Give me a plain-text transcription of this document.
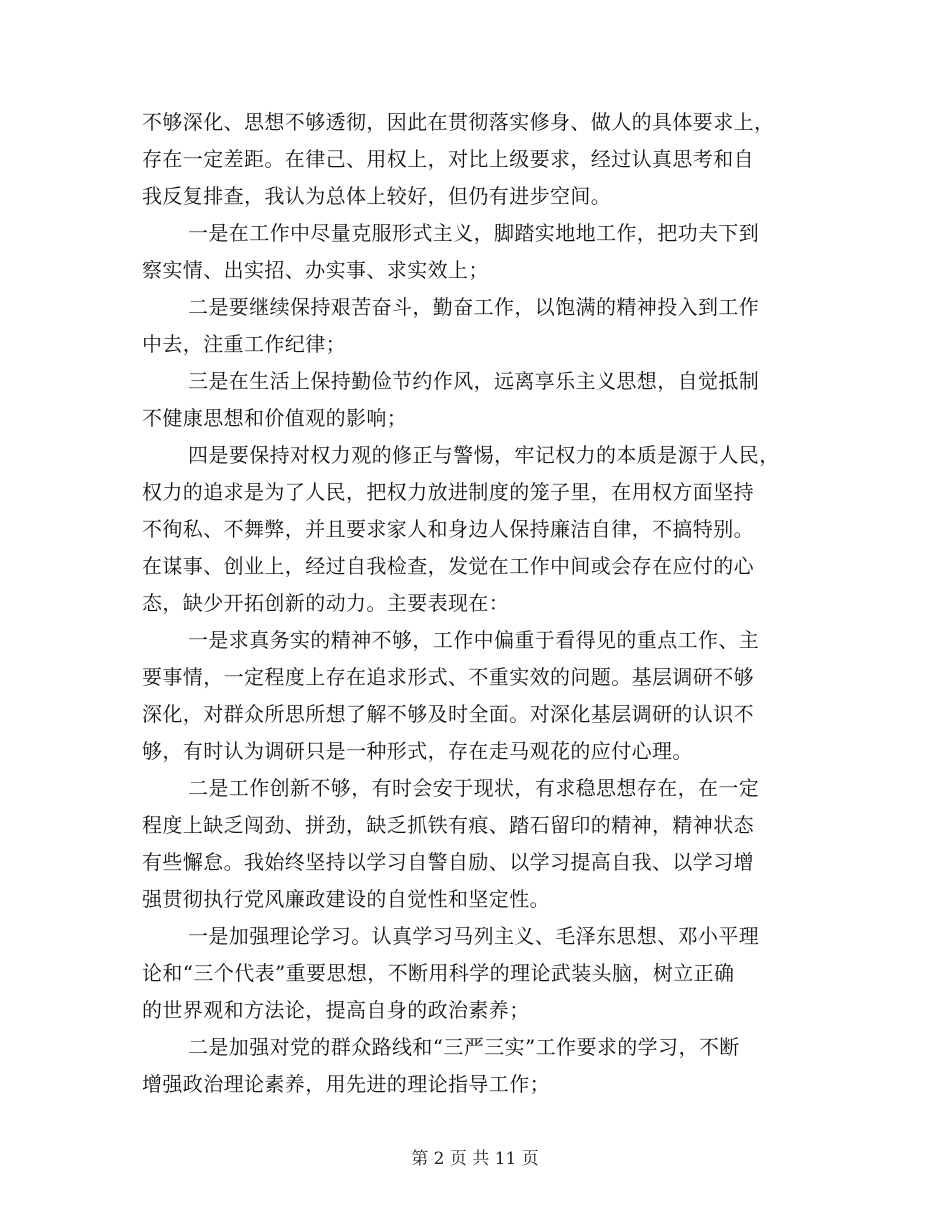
不够深化、思想不够透彻，因此在贯彻落实修身、做人的具体要求上，
存在一定差距。在律己、用权上，对比上级要求，经过认真思考和自
我反复排查，我认为总体上较好，但仍有进步空间。
一是在工作中尽量克服形式主义，脚踏实地地工作，把功夫下到
察实情、出实招、办实事、求实效上；
二是要继续保持艰苦奋斗，勤奋工作，以饱满的精神投入到工作
中去，注重工作纪律；
三是在生活上保持勤俭节约作风，远离享乐主义思想，自觉抵制
不健康思想和价值观的影响；
四是要保持对权力观的修正与警惕，牢记权力的本质是源于人民，
权力的追求是为了人民，把权力放进制度的笼子里，在用权方面坚持
不徇私、不舞弊，并且要求家人和身边人保持廉洁自律，不搞特别。
在谋事、创业上，经过自我检查，发觉在工作中间或会存在应付的心
态，缺少开拓创新的动力。主要表现在：
一是求真务实的精神不够，工作中偏重于看得见的重点工作、主
要事情，一定程度上存在追求形式、不重实效的问题。基层调研不够
深化，对群众所思所想了解不够及时全面。对深化基层调研的认识不
够，有时认为调研只是一种形式，存在走马观花的应付心理。
二是工作创新不够，有时会安于现状，有求稳思想存在，在一定
程度上缺乏闯劲、拼劲，缺乏抓铁有痕、踏石留印的精神，精神状态
有些懈怠。我始终坚持以学习自警自励、以学习提高自我、以学习增
强贯彻执行党风廉政建设的自觉性和坚定性。
一是加强理论学习。认真学习马列主义、毛泽东思想、邓小平理
论和“三个代表”重要思想，不断用科学的理论武装头脑，树立正确
的世界观和方法论，提高自身的政治素养；
二是加强对党的群众路线和“三严三实”工作要求的学习，不断
增强政治理论素养，用先进的理论指导工作；
第 2 页 共 11 页
